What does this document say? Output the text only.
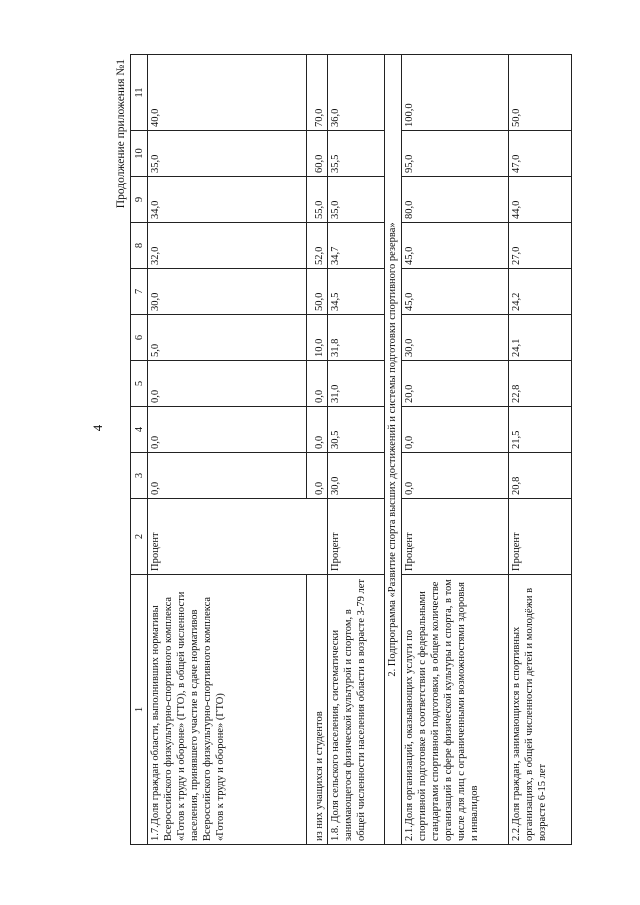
4
Продолжение приложения №1
1	2	3	4	5	6	7	8	9	10	11
1.7.Доля граждан области, выполнивших нормативы Всероссийского физкультурно-спортивного комплекса «Готов к труду и обороне» (ГТО), в общей численности населения, принявшего участие в сдаче нормативов Всероссийского физкультурно-спортивного комплекса «Готов к труду и обороне» (ГТО)	Процент	0,0	0,0	0,0	5,0	30,0	32,0	34,0	35,0	40,0
из них учащихся и студентов		0,0	0,0	0,0	10,0	50,0	52,0	55,0	60,0	70,0
1.8. Доля сельского населения, систематически занимающегося физической культурой и спортом, в общей численности населения области в возрасте 3-79 лет	Процент	30,0	30,5	31,0	31,8	34,5	34,7	35,0	35,5	36,0
2. Подпрограмма «Развитие спорта высших достижений и системы подготовки спортивного резерва»										
2.1.Доля организаций, оказывающих услуги по спортивной подготовке в соответствии с федеральными стандартами спортивной подготовки, в общем количестве организаций в сфере физической культуры и спорта, в том числе для лиц с ограниченными возможностями здоровья и инвалидов	Процент	0,0	0,0	20,0	30,0	45,0	45,0	80,0	95,0	100,0
2.2.Доля граждан, занимающихся в спортивных организациях, в общей численности детей и молодёжи в возрасте 6-15 лет	Процент	20,8	21,5	22,8	24,1	24,2	27,0	44,0	47,0	50,0
